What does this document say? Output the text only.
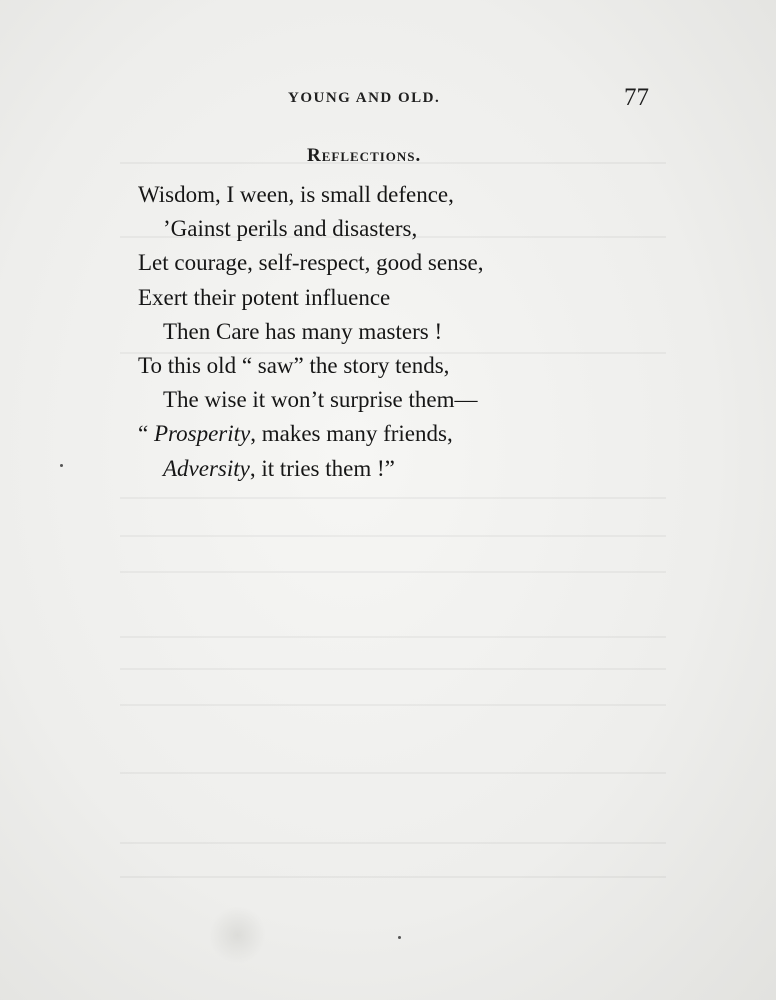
YOUNG AND OLD.	77
Reflections.
Wisdom, I ween, is small defence,
’Gainst perils and disasters,
Let courage, self-respect, good sense,
Exert their potent influence
Then Care has many masters !
To this old “ saw” the story tends,
The wise it won’t surprise them—
“ Prosperity, makes many friends,
Adversity, it tries them !”
